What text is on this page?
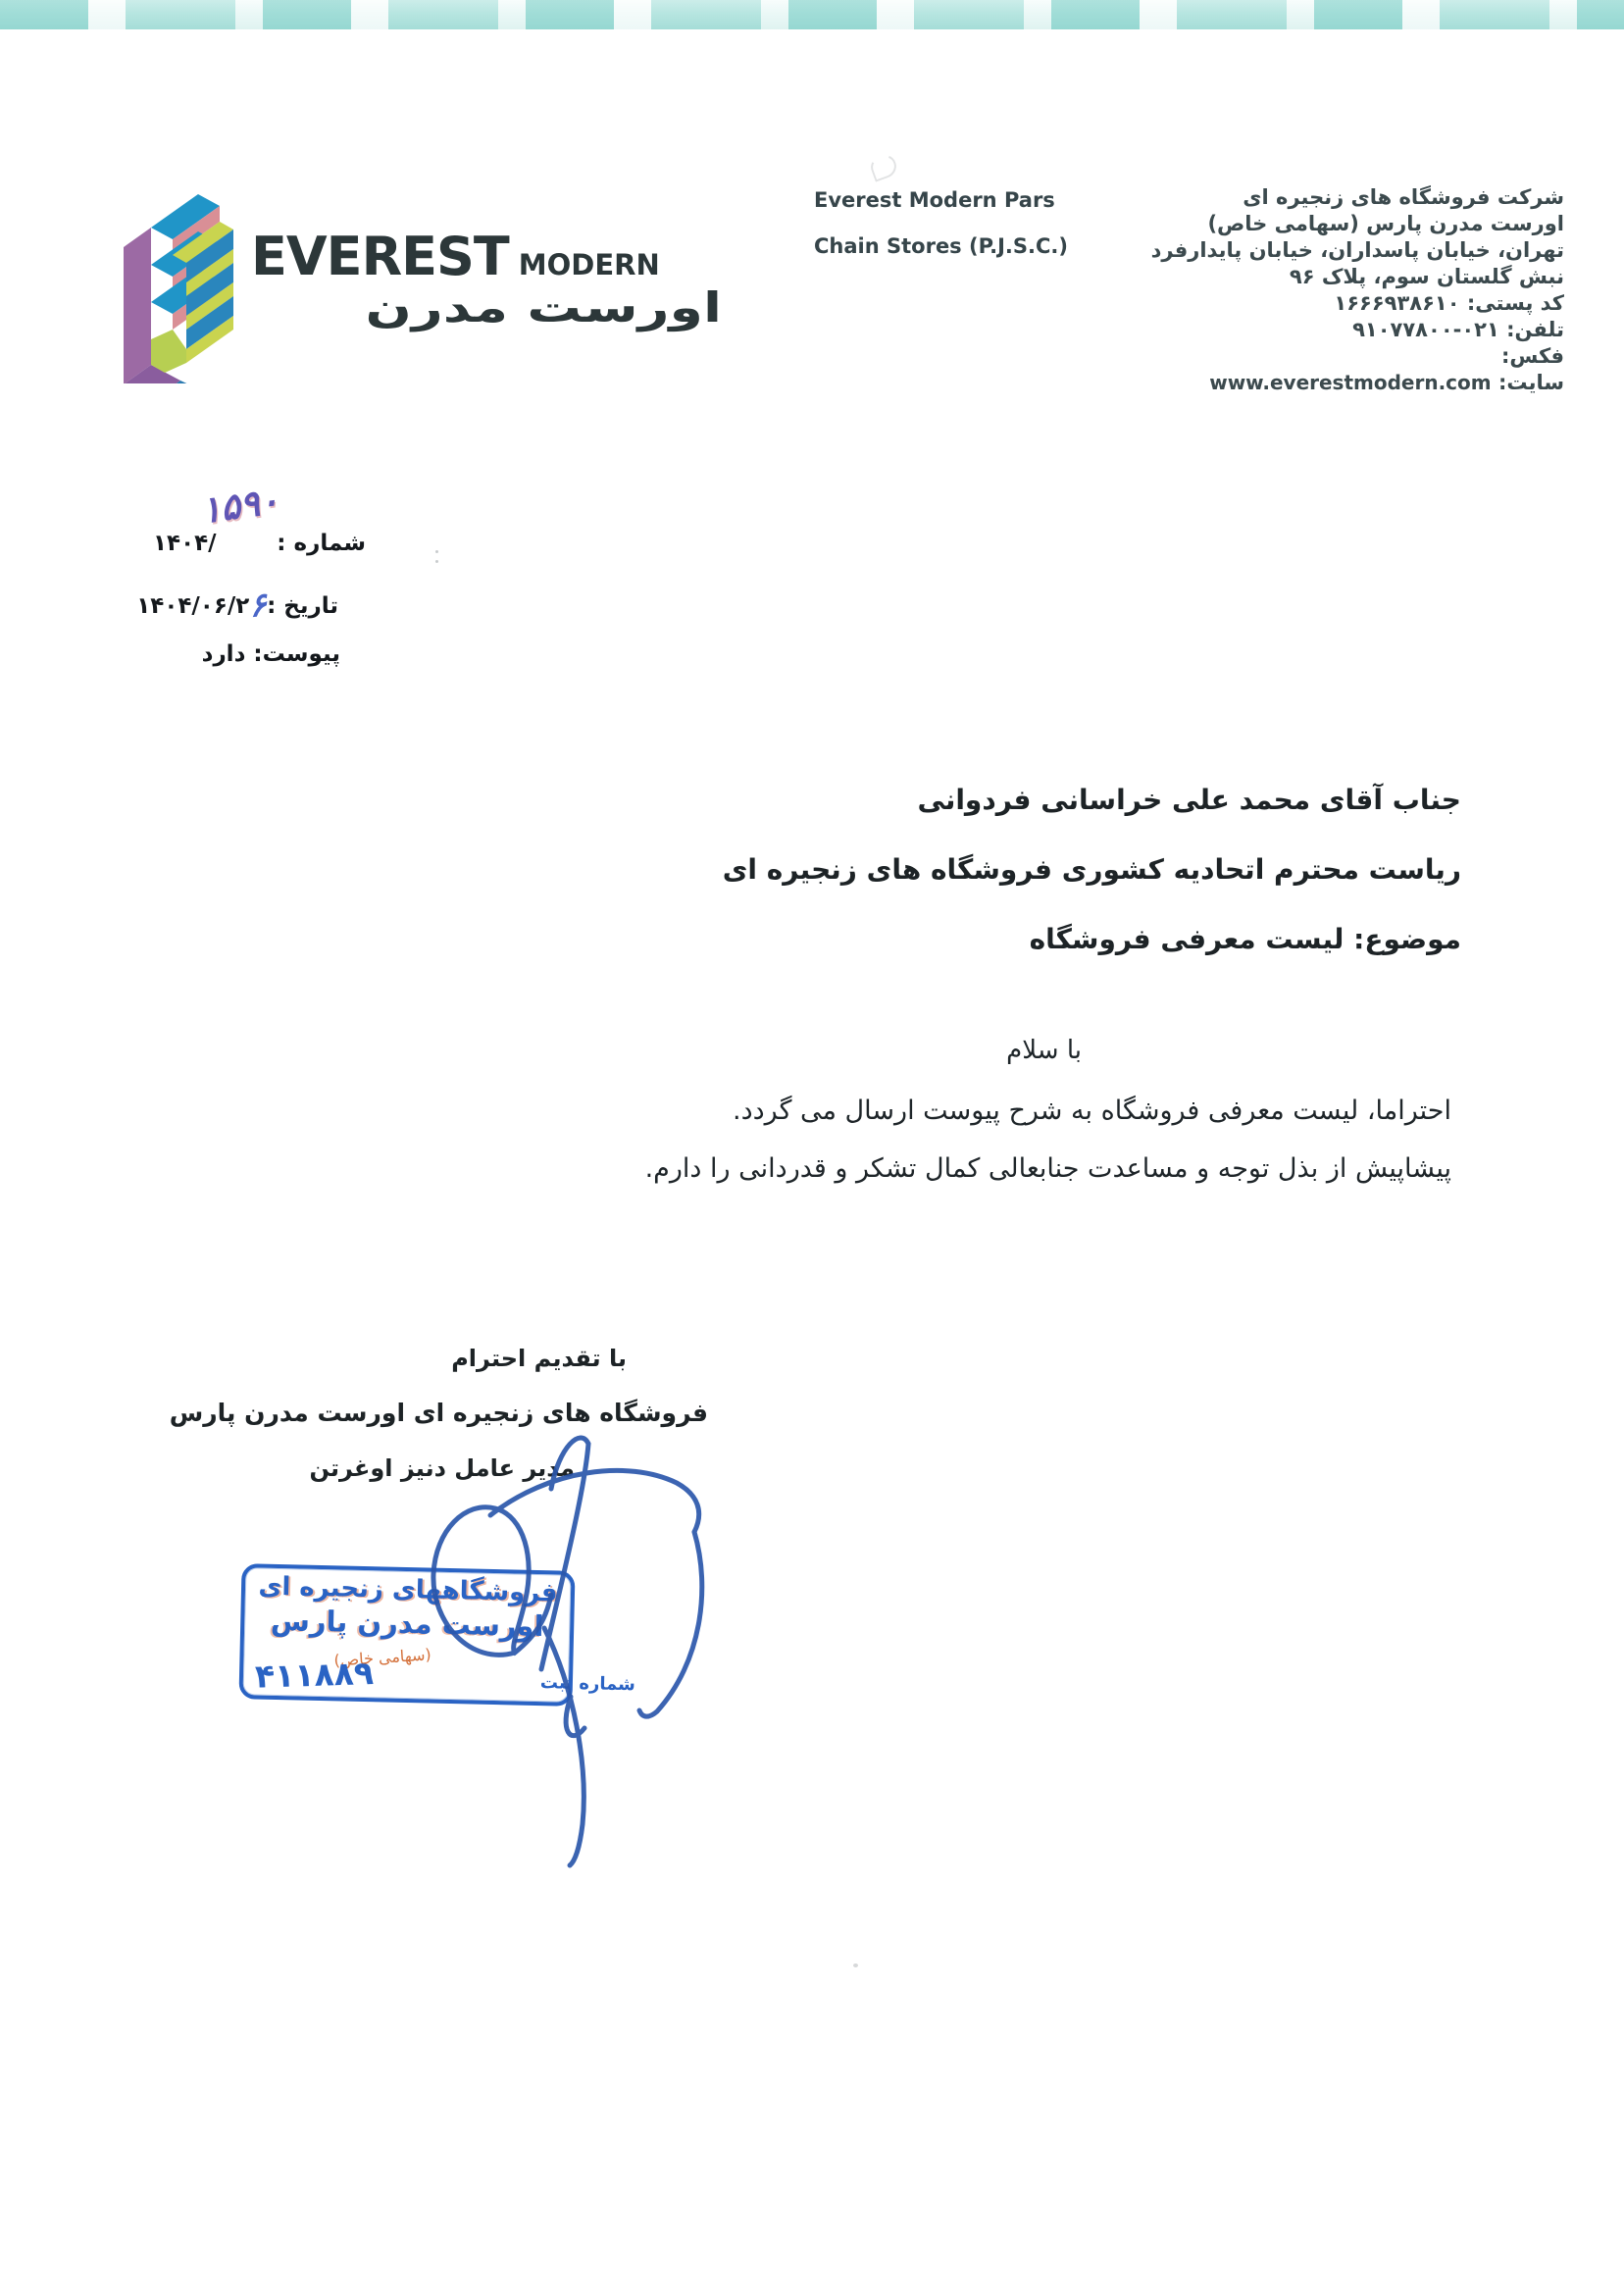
EVEREST MODERN
اورست مدرن
Everest Modern Pars
Chain Stores (P.J.S.C.)
شرکت فروشگاه های زنجیره ای
اورست مدرن پارس (سهامی خاص)
تهران، خیابان پاسداران، خیابان پایدارفرد
نبش گلستان سوم، پلاک ۹۶
کد پستی: ۱۶۶۶۹۳۸۶۱۰
تلفن: ۰۲۱-۹۱۰۷۷۸۰۰
فکس:
سایت: www.everestmodern.com
۱۵۹۰
شماره :
۱۴۰۴/
تاریخ :۱۴۰۴/۰۶/۲۶
پیوست: دارد
جناب آقای محمد علی خراسانی فردوانی
ریاست محترم اتحادیه کشوری فروشگاه های زنجیره ای
موضوع: لیست معرفی فروشگاه
با سلام
احتراما، لیست معرفی فروشگاه به شرح پیوست ارسال می گردد.
پیشاپیش از بذل توجه و مساعدت جنابعالی کمال تشکر و قدردانی را دارم.
با تقدیم احترام
فروشگاه های زنجیره ای اورست مدرن پارس
مدیر عامل دنیز اوغرتن
فروشگاههای زنجیره ای
اورست مدرن پارس
(سهامی خاص)
شماره ثبت
۴۱۱۸۸۹
